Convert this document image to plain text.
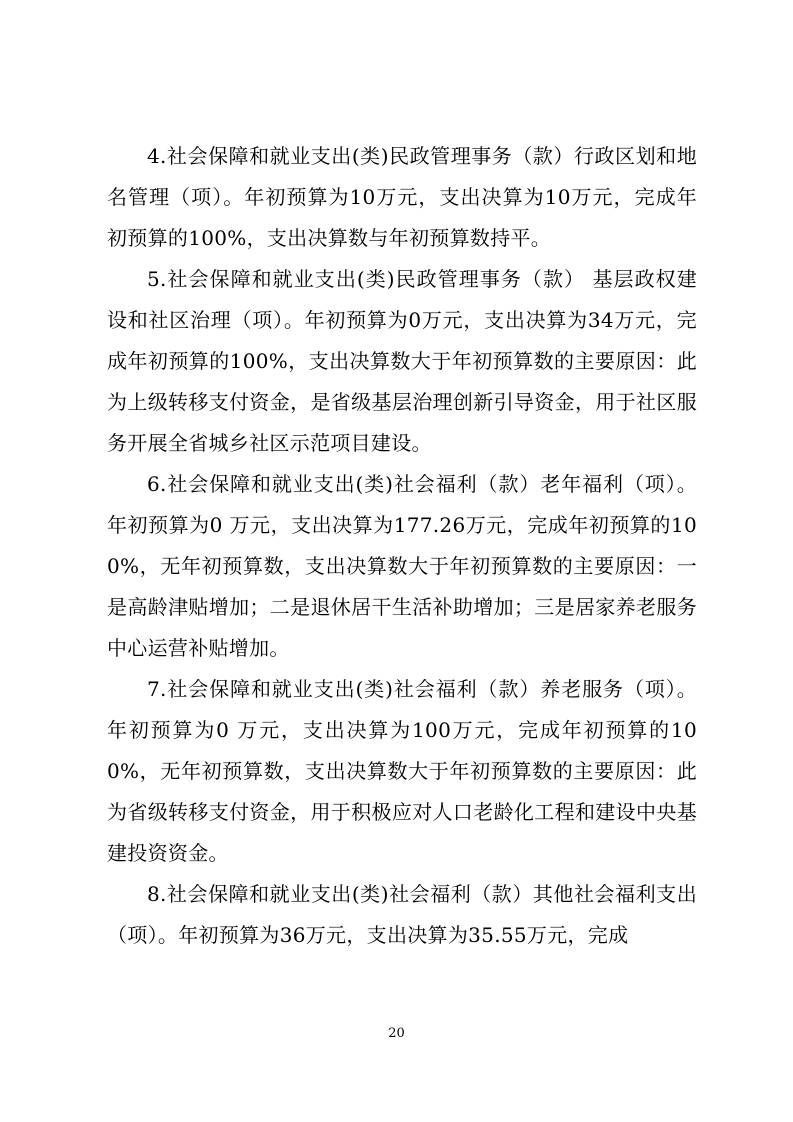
4.社会保障和就业支出(类)民政管理事务（款）行政区划和地名管理（项）。年初预算为10万元，支出决算为10万元，完成年初预算的100%，支出决算数与年初预算数持平。

5.社会保障和就业支出(类)民政管理事务（款） 基层政权建设和社区治理（项）。年初预算为0万元，支出决算为34万元，完成年初预算的100%，支出决算数大于年初预算数的主要原因：此为上级转移支付资金，是省级基层治理创新引导资金，用于社区服务开展全省城乡社区示范项目建设。

6.社会保障和就业支出(类)社会福利（款）老年福利（项）。年初预算为0 万元，支出决算为177.26万元，完成年初预算的100%，无年初预算数，支出决算数大于年初预算数的主要原因：一是高龄津贴增加；二是退休居干生活补助增加；三是居家养老服务中心运营补贴增加。

7.社会保障和就业支出(类)社会福利（款）养老服务（项）。年初预算为0 万元，支出决算为100万元，完成年初预算的100%，无年初预算数，支出决算数大于年初预算数的主要原因：此为省级转移支付资金，用于积极应对人口老龄化工程和建设中央基建投资资金。

8.社会保障和就业支出(类)社会福利（款）其他社会福利支出（项）。年初预算为36万元，支出决算为35.55万元，完成

20
